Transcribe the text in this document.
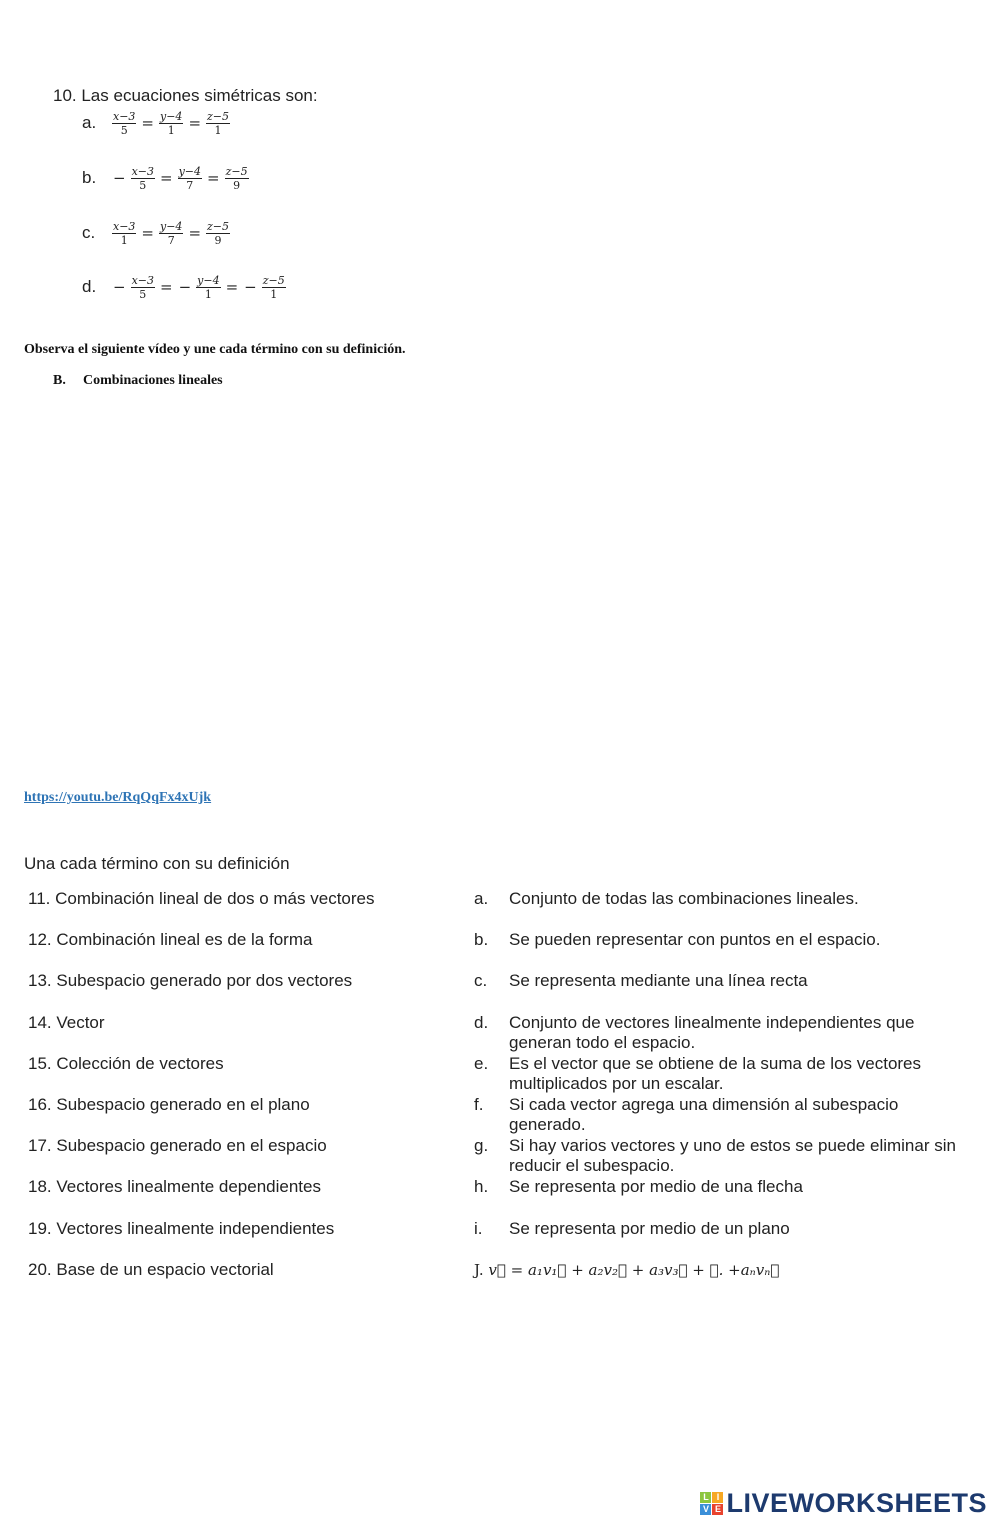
10. Las ecuaciones simétricas son:
a.	$\frac{x-3}{5} = \frac{y-4}{1} = \frac{z-5}{1}$
b.	− $\frac{x-3}{5} = \frac{y-4}{7} = \frac{z-5}{9}$
c.	$\frac{x-3}{1} = \frac{y-4}{7} = \frac{z-5}{9}$
d.	− $\frac{x-3}{5}$ = − $\frac{y-4}{1}$ = − $\frac{z-5}{1}$
Observa el siguiente vídeo y une cada término con su definición.
B. Combinaciones lineales
https://youtu.be/RqQqFx4xUjk
Una cada término con su definición
11. Combinación lineal de dos o más vectores	a. Conjunto de todas las combinaciones lineales.
12. Combinación lineal es de la forma	b. Se pueden representar con puntos en el espacio.
13. Subespacio generado por dos vectores	c. Se representa mediante una línea recta
14. Vector	d. Conjunto de vectores linealmente independientes que generan todo el espacio.
15. Colección de vectores	e. Es el vector que se obtiene de la suma de los vectores multiplicados por un escalar.
16. Subespacio generado en el plano	f. Si cada vector agrega una dimensión al subespacio generado.
17. Subespacio generado en el espacio	g. Si hay varios vectores y uno de estos se puede eliminar sin reducir el subespacio.
18. Vectores linealmente dependientes	h. Se representa por medio de una flecha
19. Vectores linealmente independientes	i. Se representa por medio de un plano
20. Base de un espacio vectorial	J. v⃗ = a₁v₁⃗ + a₂v₂⃗ + a₃v₃⃗ + ⋯. +aₙvₙ⃗
L I
V E LIVEWORKSHEETS
